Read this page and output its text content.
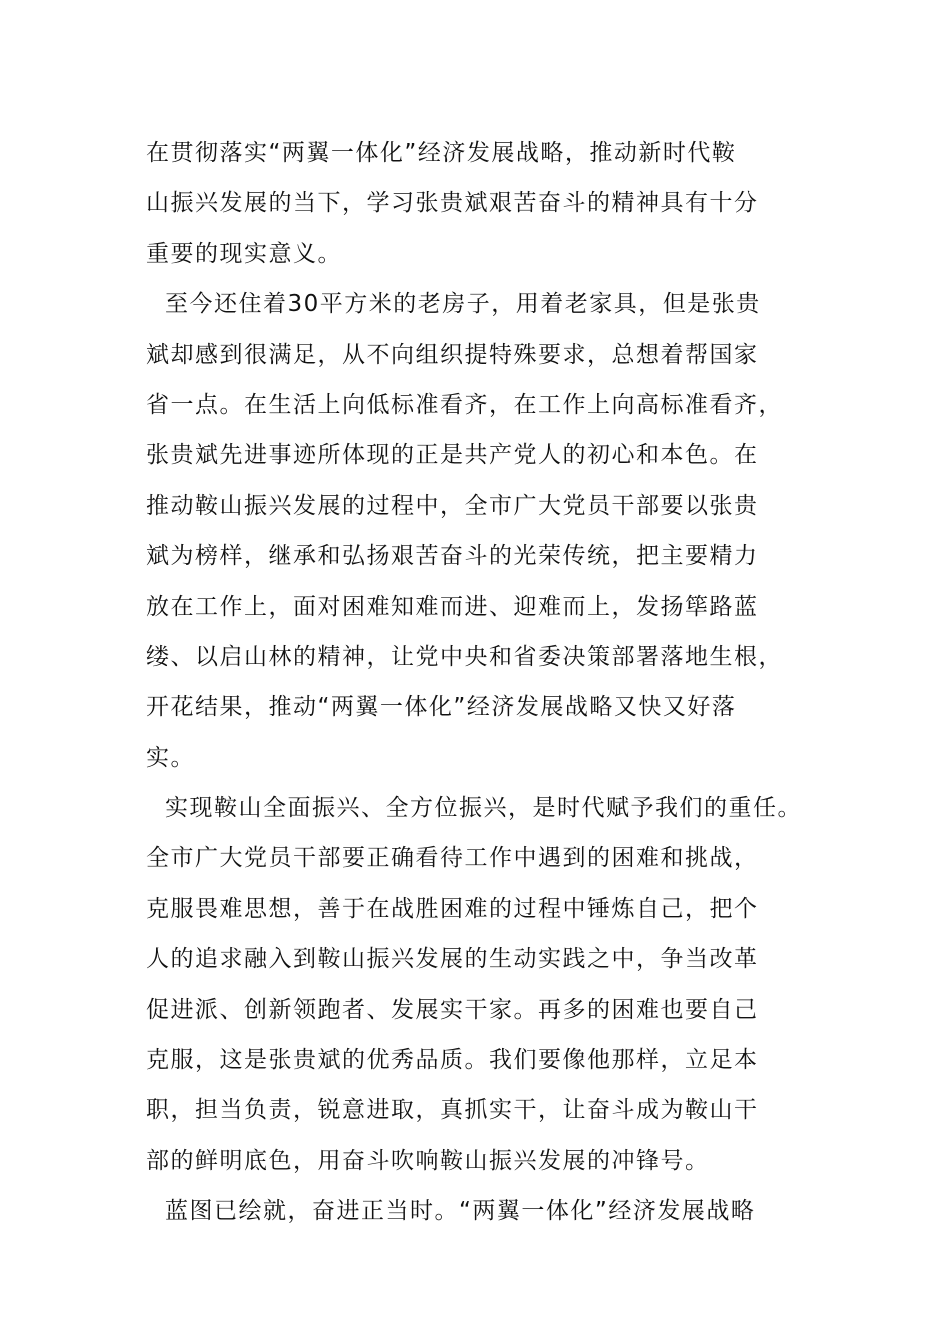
在贯彻落实“两翼一体化”经济发展战略，推动新时代鞍
山振兴发展的当下，学习张贵斌艰苦奋斗的精神具有十分
重要的现实意义。
至今还住着30平方米的老房子，用着老家具，但是张贵
斌却感到很满足，从不向组织提特殊要求，总想着帮国家
省一点。在生活上向低标准看齐，在工作上向高标准看齐，
张贵斌先进事迹所体现的正是共产党人的初心和本色。在
推动鞍山振兴发展的过程中，全市广大党员干部要以张贵
斌为榜样，继承和弘扬艰苦奋斗的光荣传统，把主要精力
放在工作上，面对困难知难而进、迎难而上，发扬筚路蓝
缕、以启山林的精神，让党中央和省委决策部署落地生根，
开花结果，推动“两翼一体化”经济发展战略又快又好落
实。
实现鞍山全面振兴、全方位振兴，是时代赋予我们的重任。
全市广大党员干部要正确看待工作中遇到的困难和挑战，
克服畏难思想，善于在战胜困难的过程中锤炼自己，把个
人的追求融入到鞍山振兴发展的生动实践之中，争当改革
促进派、创新领跑者、发展实干家。再多的困难也要自己
克服，这是张贵斌的优秀品质。我们要像他那样，立足本
职，担当负责，锐意进取，真抓实干，让奋斗成为鞍山干
部的鲜明底色，用奋斗吹响鞍山振兴发展的冲锋号。
蓝图已绘就，奋进正当时。“两翼一体化”经济发展战略
